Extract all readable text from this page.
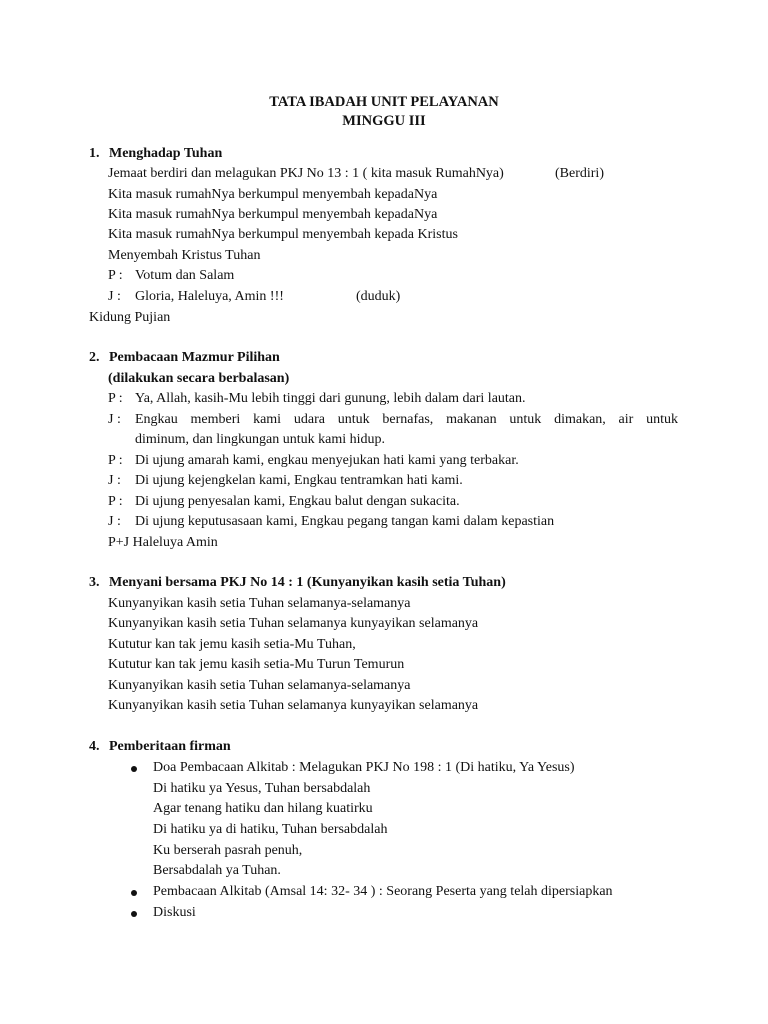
TATA IBADAH UNIT PELAYANAN
MINGGU III
1. Menghadap Tuhan
Jemaat berdiri dan melagukan PKJ No 13 : 1 ( kita masuk RumahNya)	(Berdiri)
Kita masuk rumahNya berkumpul menyembah kepadaNya
Kita masuk rumahNya berkumpul menyembah kepadaNya
Kita masuk rumahNya berkumpul menyembah kepada Kristus
Menyembah Kristus Tuhan
P : Votum dan Salam
J : Gloria, Haleluya, Amin !!!	(duduk)
Kidung Pujian
2. Pembacaan Mazmur Pilihan
(dilakukan secara berbalasan)
P : Ya, Allah, kasih-Mu lebih tinggi dari gunung, lebih dalam dari lautan.
J :	Engkau memberi kami udara untuk bernafas, makanan untuk dimakan, air untuk
diminum, dan lingkungan untuk kami hidup.
P : Di ujung amarah kami, engkau menyejukan hati kami yang terbakar.
J : Di ujung kejengkelan kami, Engkau tentramkan hati kami.
P : Di ujung penyesalan kami, Engkau balut dengan sukacita.
J : Di ujung keputusasaan kami, Engkau pegang tangan kami dalam kepastian
P+J Haleluya Amin
3. Menyani bersama PKJ No 14 : 1 (Kunyanyikan kasih setia Tuhan)
Kunyanyikan kasih setia Tuhan selamanya-selamanya
Kunyanyikan kasih setia Tuhan selamanya kunyayikan selamanya
Kututur kan tak jemu kasih setia-Mu Tuhan,
Kututur kan tak jemu kasih setia-Mu Turun Temurun
Kunyanyikan kasih setia Tuhan selamanya-selamanya
Kunyanyikan kasih setia Tuhan selamanya kunyayikan selamanya
4. Pemberitaan firman
Doa Pembacaan Alkitab : Melagukan PKJ No 198 : 1 (Di hatiku, Ya Yesus)
Di hatiku ya Yesus, Tuhan bersabdalah
Agar tenang hatiku dan hilang kuatirku
Di hatiku ya di hatiku, Tuhan bersabdalah
Ku berserah pasrah penuh,
Bersabdalah ya Tuhan.
Pembacaan Alkitab (Amsal 14: 32- 34 ) : Seorang Peserta yang telah dipersiapkan
Diskusi
